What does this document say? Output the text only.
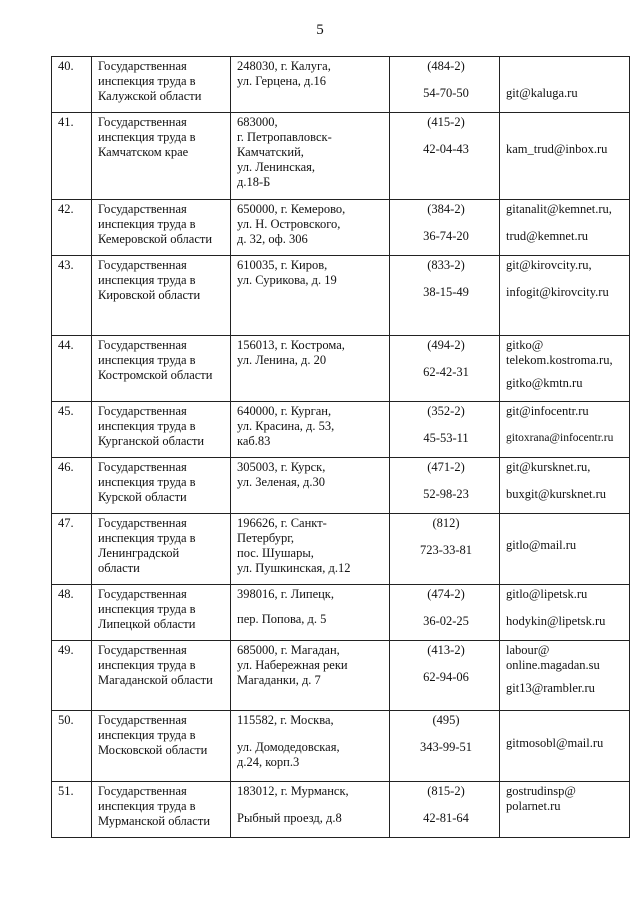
5
40.	Государственная
инспекция труда в
Калужской области	248030, г. Калуга,
ул. Герцена, д.16	(484-2)
54-70-50	git@kaluga.ru

41.	Государственная
инспекция труда в
Камчатском крае	683000,
г. Петропавловск-
Камчатский,
ул. Ленинская,
д.18-Б	(415-2)
42-04-43	kam_trud@inbox.ru

42.	Государственная
инспекция труда в
Кемеровской области	650000, г. Кемерово,
ул. Н. Островского,
д. 32, оф. 306	(384-2)
36-74-20	gitanalit@kemnet.ru,
trud@kemnet.ru

43.	Государственная
инспекция труда в
Кировской области	610035, г. Киров,
ул. Сурикова, д. 19	(833-2)
38-15-49	git@kirovcity.ru,
infogit@kirovcity.ru

44.	Государственная
инспекция труда в
Костромской области	156013, г. Кострома,
ул. Ленина, д. 20	(494-2)
62-42-31	gitko@
telekom.kostroma.ru,
gitko@kmtn.ru

45.	Государственная
инспекция труда в
Курганской области	640000, г. Курган,
ул. Красина, д. 53,
каб.83	(352-2)
45-53-11	git@infocentr.ru
gitoxrana@infocentr.ru

46.	Государственная
инспекция труда в
Курской области	305003, г. Курск,
ул. Зеленая, д.30	(471-2)
52-98-23	git@kursknet.ru,
buxgit@kursknet.ru

47.	Государственная
инспекция труда в
Ленинградской
области	196626, г. Санкт-
Петербург,
пос. Шушары,
ул. Пушкинская, д.12	(812)
723-33-81	gitlo@mail.ru

48.	Государственная
инспекция труда в
Липецкой области	398016, г. Липецк,
пер. Попова, д. 5	(474-2)
36-02-25	gitlo@lipetsk.ru
hodykin@lipetsk.ru

49.	Государственная
инспекция труда в
Магаданской области	685000, г. Магадан,
ул. Набережная реки
Магаданки, д. 7	(413-2)
62-94-06	labour@
online.magadan.su
git13@rambler.ru

50.	Государственная
инспекция труда в
Московской области	115582, г. Москва,
ул. Домодедовская,
д.24, корп.3	(495)
343-99-51	gitmosobl@mail.ru

51.	Государственная
инспекция труда в
Мурманской области	183012, г. Мурманск,
Рыбный проезд, д.8	(815-2)
42-81-64	gostrudinsp@
polarnet.ru
